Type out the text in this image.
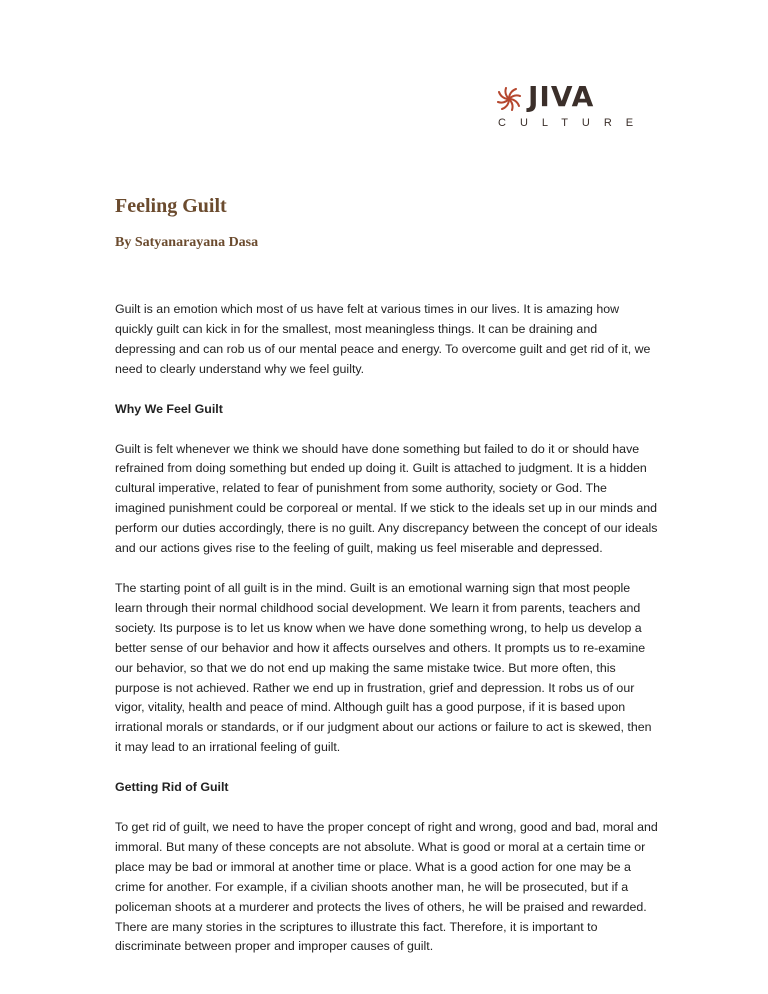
JIVA
CULTURE
Feeling Guilt

By Satyanarayana Dasa

Guilt is an emotion which most of us have felt at various times in our lives. It is amazing how quickly guilt can kick in for the smallest, most meaningless things. It can be draining and depressing and can rob us of our mental peace and energy. To overcome guilt and get rid of it, we need to clearly understand why we feel guilty.

Why We Feel Guilt

Guilt is felt whenever we think we should have done something but failed to do it or should have refrained from doing something but ended up doing it. Guilt is attached to judgment. It is a hidden cultural imperative, related to fear of punishment from some authority, society or God. The imagined punishment could be corporeal or mental. If we stick to the ideals set up in our minds and perform our duties accordingly, there is no guilt. Any discrepancy between the concept of our ideals and our actions gives rise to the feeling of guilt, making us feel miserable and depressed.

The starting point of all guilt is in the mind. Guilt is an emotional warning sign that most people learn through their normal childhood social development. We learn it from parents, teachers and society. Its purpose is to let us know when we have done something wrong, to help us develop a better sense of our behavior and how it affects ourselves and others. It prompts us to re-examine our behavior, so that we do not end up making the same mistake twice. But more often, this purpose is not achieved. Rather we end up in frustration, grief and depression. It robs us of our vigor, vitality, health and peace of mind. Although guilt has a good purpose, if it is based upon irrational morals or standards, or if our judgment about our actions or failure to act is skewed, then it may lead to an irrational feeling of guilt.

Getting Rid of Guilt

To get rid of guilt, we need to have the proper concept of right and wrong, good and bad, moral and immoral. But many of these concepts are not absolute. What is good or moral at a certain time or place may be bad or immoral at another time or place. What is a good action for one may be a crime for another. For example, if a civilian shoots another man, he will be prosecuted, but if a policeman shoots at a murderer and protects the lives of others, he will be praised and rewarded. There are many stories in the scriptures to illustrate this fact. Therefore, it is important to discriminate between proper and improper causes of guilt.
